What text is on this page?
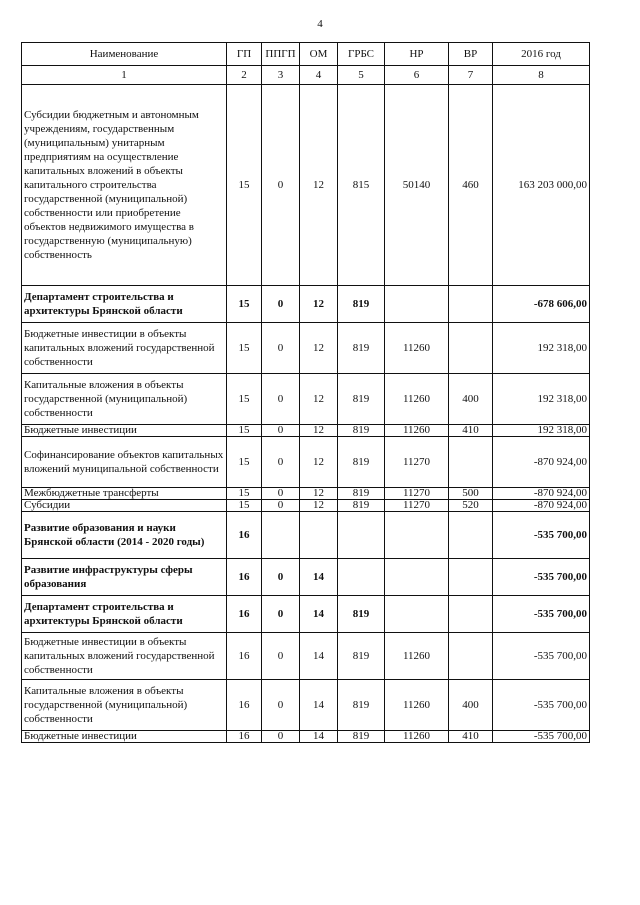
4
Наименование	ГП	ППГП	ОМ	ГРБС	НР	ВР	2016 год
1	2	3	4	5	6	7	8
Субсидии бюджетным и автономным учреждениям, государственным (муниципальным) унитарным предприятиям на осуществление капитальных вложений в объекты капитального строительства государственной (муниципальной) собственности или приобретение объектов недвижимого имущества в государственную (муниципальную) собственность	15	0	12	815	50140	460	163 203 000,00
Департамент строительства и архитектуры Брянской области	15	0	12	819			-678 606,00
Бюджетные инвестиции в объекты капитальных вложений государственной собственности	15	0	12	819	11260		192 318,00
Капитальные вложения в объекты государственной (муниципальной) собственности	15	0	12	819	11260	400	192 318,00
Бюджетные инвестиции	15	0	12	819	11260	410	192 318,00
Софинансирование объектов капитальных вложений муниципальной собственности	15	0	12	819	11270		-870 924,00
Межбюджетные трансферты	15	0	12	819	11270	500	-870 924,00
Субсидии	15	0	12	819	11270	520	-870 924,00
Развитие образования и науки Брянской области (2014 - 2020 годы)	16						-535 700,00
Развитие инфраструктуры сферы образования	16	0	14				-535 700,00
Департамент строительства и архитектуры Брянской области	16	0	14	819			-535 700,00
Бюджетные инвестиции в объекты капитальных вложений государственной собственности	16	0	14	819	11260		-535 700,00
Капитальные вложения в объекты государственной (муниципальной) собственности	16	0	14	819	11260	400	-535 700,00
Бюджетные инвестиции	16	0	14	819	11260	410	-535 700,00
